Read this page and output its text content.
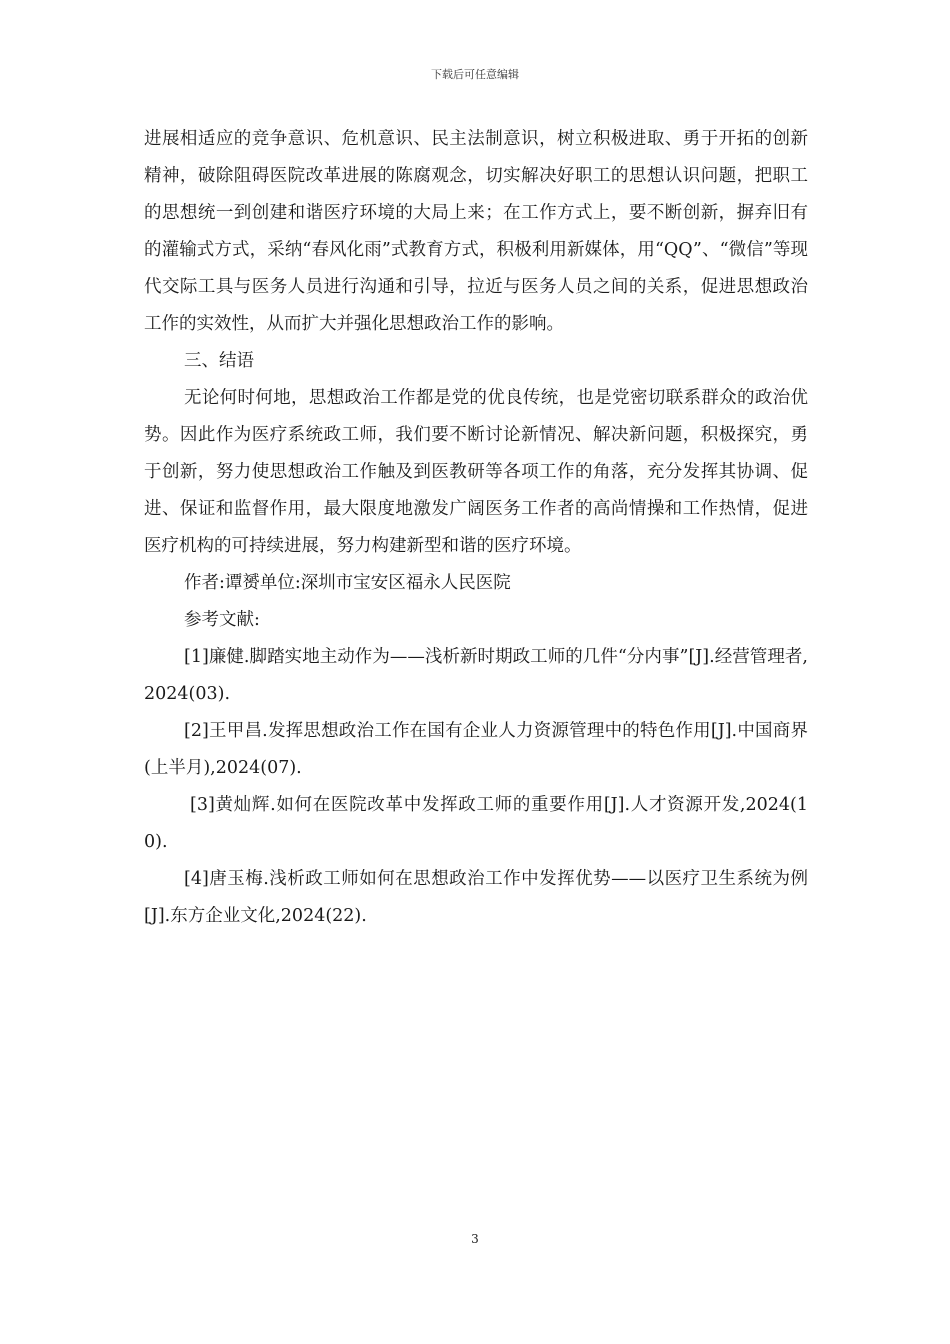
下载后可任意编辑

进展相适应的竞争意识、危机意识、民主法制意识，树立积极进取、勇于开拓的创新精神，破除阻碍医院改革进展的陈腐观念，切实解决好职工的思想认识问题，把职工的思想统一到创建和谐医疗环境的大局上来；在工作方式上，要不断创新，摒弃旧有的灌输式方式，采纳“春风化雨”式教育方式，积极利用新媒体，用“QQ”、“微信”等现代交际工具与医务人员进行沟通和引导，拉近与医务人员之间的关系，促进思想政治工作的实效性，从而扩大并强化思想政治工作的影响。

三、结语

无论何时何地，思想政治工作都是党的优良传统，也是党密切联系群众的政治优势。因此作为医疗系统政工师，我们要不断讨论新情况、解决新问题，积极探究，勇于创新，努力使思想政治工作触及到医教研等各项工作的角落，充分发挥其协调、促进、保证和监督作用，最大限度地激发广阔医务工作者的高尚情操和工作热情，促进医疗机构的可持续进展，努力构建新型和谐的医疗环境。

作者:谭赟单位:深圳市宝安区福永人民医院

参考文献:

[1]廉健.脚踏实地主动作为——浅析新时期政工师的几件“分内事”[J].经营管理者,2024(03).

[2]王甲昌.发挥思想政治工作在国有企业人力资源管理中的特色作用[J].中国商界(上半月),2024(07).

[3]黄灿辉.如何在医院改革中发挥政工师的重要作用[J].人才资源开发,2024(10).

[4]唐玉梅.浅析政工师如何在思想政治工作中发挥优势——以医疗卫生系统为例[J].东方企业文化,2024(22).

3
